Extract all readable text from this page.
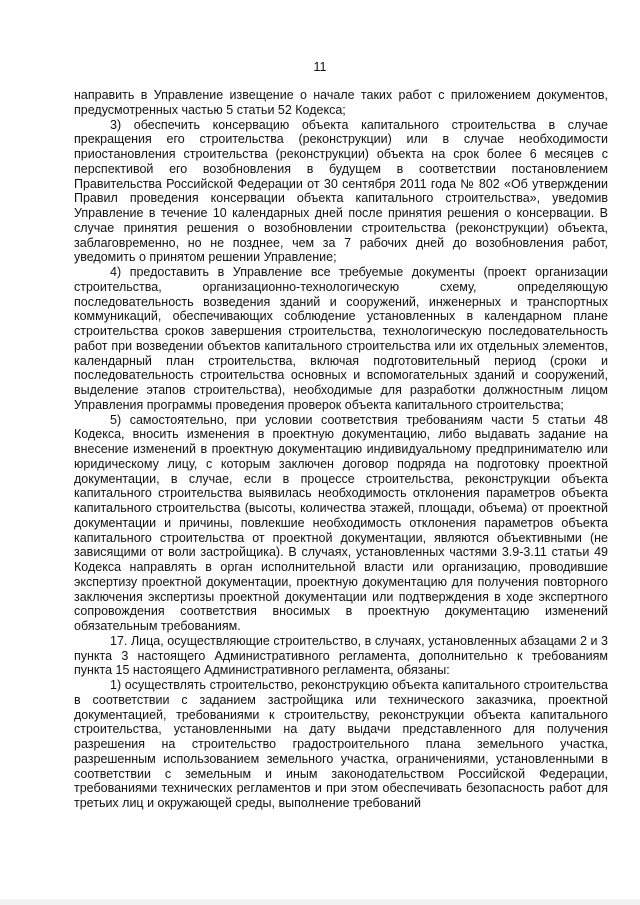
11

направить в Управление извещение о начале таких работ с приложением документов, предусмотренных частью 5 статьи 52 Кодекса;

3) обеспечить консервацию объекта капитального строительства в случае прекращения его строительства (реконструкции) или в случае необходимости приостановления строительства (реконструкции) объекта на срок более 6 месяцев с перспективой его возобновления в будущем в соответствии постановлением Правительства Российской Федерации от 30 сентября 2011 года № 802 «Об утверждении Правил проведения консервации объекта капитального строительства», уведомив Управление в течение 10 календарных дней после принятия решения о консервации. В случае принятия решения о возобновлении строительства (реконструкции) объекта, заблаговременно, но не позднее, чем за 7 рабочих дней до возобновления работ, уведомить о принятом решении Управление;

4) предоставить в Управление все требуемые документы (проект организации строительства, организационно-технологическую схему, определяющую последовательность возведения зданий и сооружений, инженерных и транспортных коммуникаций, обеспечивающих соблюдение установленных в календарном плане строительства сроков завершения строительства, технологическую последовательность работ при возведении объектов капитального строительства или их отдельных элементов, календарный план строительства, включая подготовительный период (сроки и последовательность строительства основных и вспомогательных зданий и сооружений, выделение этапов строительства), необходимые для разработки должностным лицом Управления программы проведения проверок объекта капитального строительства;

5) самостоятельно, при условии соответствия требованиям части 5 статьи 48 Кодекса, вносить изменения в проектную документацию, либо выдавать задание на внесение изменений в проектную документацию индивидуальному предпринимателю или юридическому лицу, с которым заключен договор подряда на подготовку проектной документации, в случае, если в процессе строительства, реконструкции объекта капитального строительства выявилась необходимость отклонения параметров объекта капитального строительства (высоты, количества этажей, площади, объема) от проектной документации и причины, повлекшие необходимость отклонения параметров объекта капитального строительства от проектной документации, являются объективными (не зависящими от воли застройщика). В случаях, установленных частями 3.9-3.11 статьи 49 Кодекса направлять в орган исполнительной власти или организацию, проводившие экспертизу проектной документации, проектную документацию для получения повторного заключения экспертизы проектной документации или подтверждения в ходе экспертного сопровождения соответствия вносимых в проектную документацию изменений обязательным требованиям.

17. Лица, осуществляющие строительство, в случаях, установленных абзацами 2 и 3 пункта 3 настоящего Административного регламента, дополнительно к требованиям пункта 15 настоящего Административного регламента, обязаны:

1) осуществлять строительство, реконструкцию объекта капитального строительства в соответствии с заданием застройщика или технического заказчика, проектной документацией, требованиями к строительству, реконструкции объекта капитального строительства, установленными на дату выдачи представленного для получения разрешения на строительство градостроительного плана земельного участка, разрешенным использованием земельного участка, ограничениями, установленными в соответствии с земельным и иным законодательством Российской Федерации, требованиями технических регламентов и при этом обеспечивать безопасность работ для третьих лиц и окружающей среды, выполнение требований
